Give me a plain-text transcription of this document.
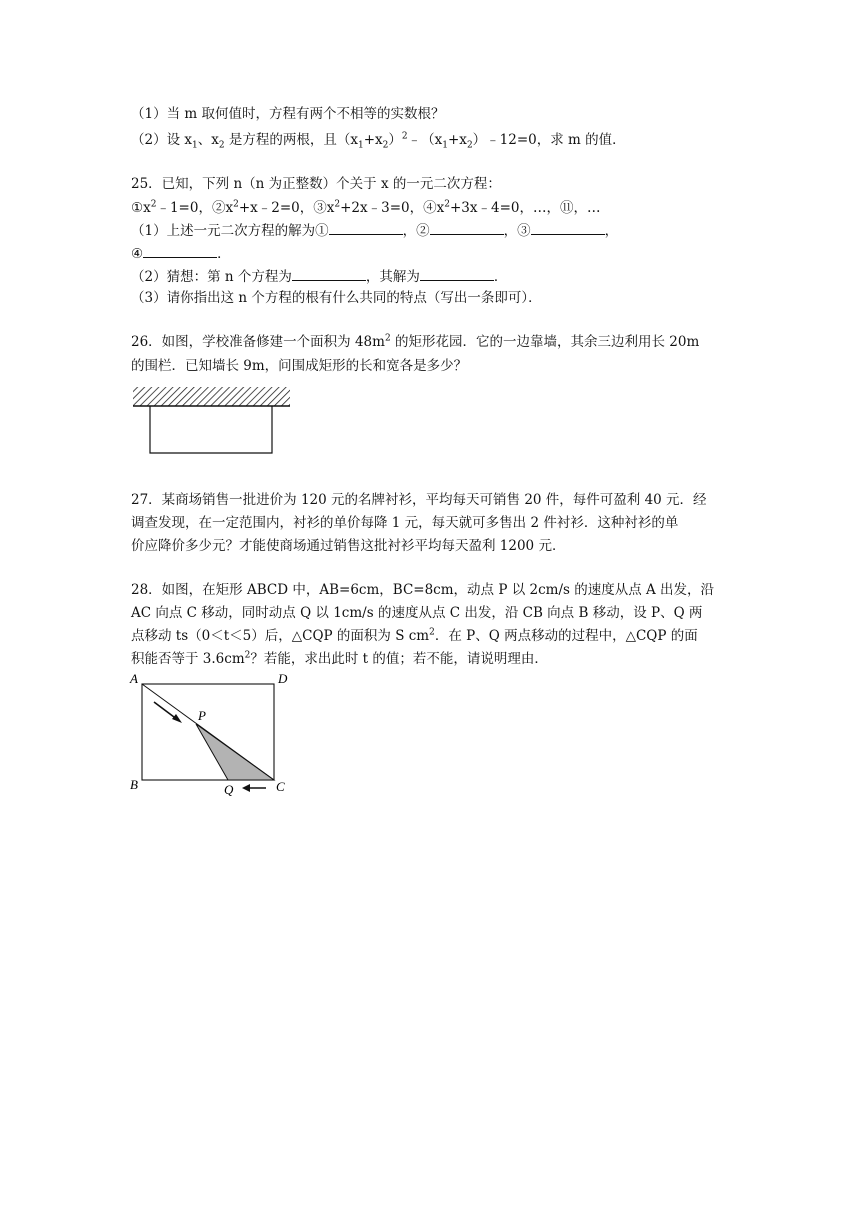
（1）当 m 取何值时，方程有两个不相等的实数根？
（2）设 $x_1$、$x_2$ 是方程的两根，且$(x_1+x_2)^2﹣(x_1+x_2)﹣12=0$，求 m 的值．
25．已知，下列 n（n 为正整数）个关于 x 的一元二次方程：
$①x^2﹣1=0$，$②x^2+x﹣2=0$，$③x^2+2x﹣3=0$，$④x^2+3x﹣4=0$，…，⑪，…
（1）上述一元二次方程的解为①	，②	，③	，
④	．
（2）猜想：第 n 个方程为	，其解为	．
（3）请你指出这 n 个方程的根有什么共同的特点（写出一条即可）．
26．如图，学校准备修建一个面积为 $48m^2$ 的矩形花园．它的一边靠墙，其余三边利用长 20m
的围栏．已知墙长 9m，问围成矩形的长和宽各是多少？
27．某商场销售一批进价为 120 元的名牌衬衫，平均每天可销售 20 件，每件可盈利 40 元．经
调查发现，在一定范围内，衬衫的单价每降 1 元，每天就可多售出 2 件衬衫．这种衬衫的单
价应降价多少元？才能使商场通过销售这批衬衫平均每天盈利 1200 元．
28．如图，在矩形 ABCD 中，AB=6cm，BC=8cm，动点 P 以 2cm/s 的速度从点 A 出发，沿
AC 向点 C 移动，同时动点 Q 以 1cm/s 的速度从点 C 出发，沿 CB 向点 B 移动，设 P、Q 两
点移动 ts（0＜t＜5）后，△CQP 的面积为 S $cm^2$．在 P、Q 两点移动的过程中，△CQP 的面
积能否等于 $3.6cm^2$？若能，求出此时 t 的值；若不能，请说明理由．
A	D
B	C
P
Q
